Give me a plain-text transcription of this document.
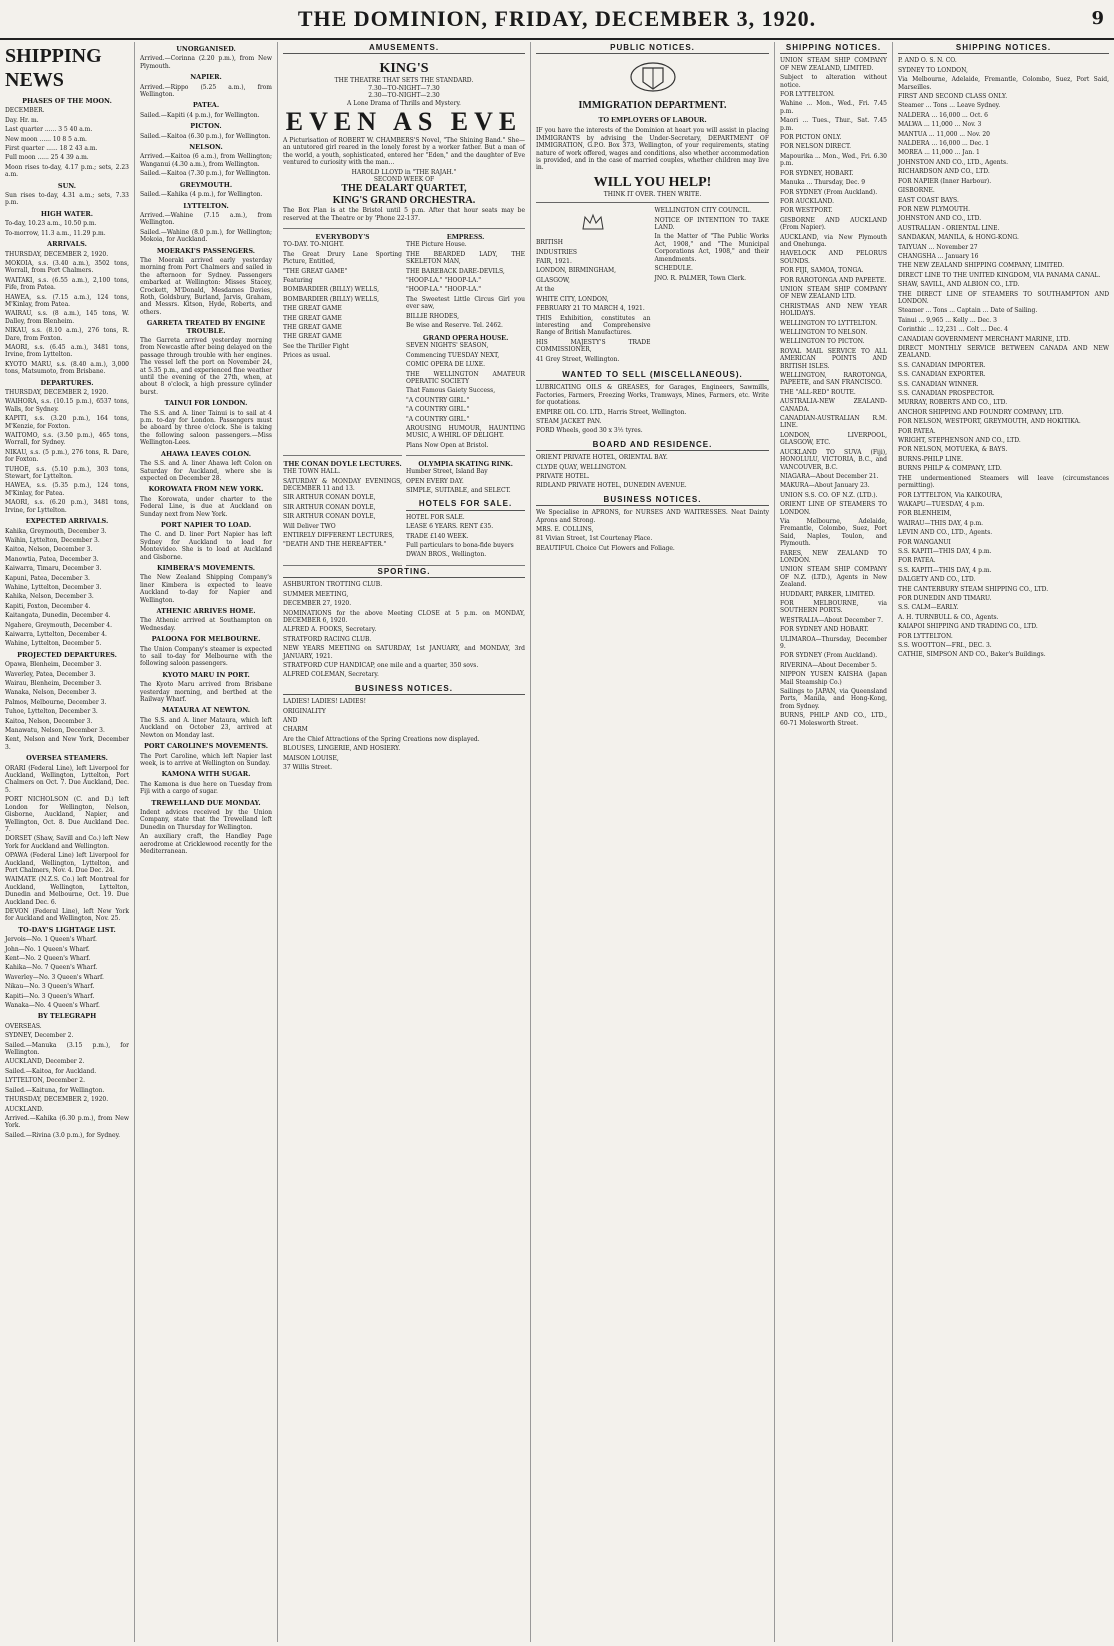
THE DOMINION, FRIDAY, DECEMBER 3, 1920.	9
SHIPPING NEWS
PHASES OF THE MOON.
DECEMBER.
Day. Hr. m.
Last quarter ...... 3 5 40 a.m.
New moon ...... 10 8 5 a.m.
First quarter ...... 18 2 43 a.m.
Full moon ...... 25 4 39 a.m.
Moon rises to-day, 4.17 p.m.; sets, 2.23 a.m.
SUN.
Sun rises to-day, 4.31 a.m.; sets, 7.33 p.m.
HIGH WATER.
To-day, 10.23 a.m., 10.50 p.m.
To-morrow, 11.3 a.m., 11.29 p.m.
ARRIVALS.
THURSDAY, DECEMBER 2, 1920.
MOKOIA, s.s. (3.40 a.m.), 3502 tons, Worrall, from Port Chalmers.
WAITAKI, s.s. (6.55 a.m.), 2,100 tons, Fife, from Patea.
HAWEA, s.s. (7.15 a.m.), 124 tons, M'Kinlay, from Patea.
WAIRAU, s.s. (8 a.m.), 145 tons, W. Dalley, from Blenheim.
NIKAU, s.s. (8.10 a.m.), 276 tons, R. Dare, from Foxton.
MAORI, s.s. (6.45 a.m.), 3481 tons, Irvine, from Lyttelton.
KYOTO MARU, s.s. (8.40 a.m.), 3,000 tons, Matsumoto, from Brisbane.
DEPARTURES.
THURSDAY, DECEMBER 2, 1920.
WAIHORA, s.s. (10.15 p.m.), 6537 tons, Walls, for Sydney.
KAPITI, s.s. (3.20 p.m.), 164 tons, M'Kenzie, for Foxton.
WAITOMO, s.s. (3.50 p.m.), 465 tons, Worrall, for Sydney.
NIKAU, s.s. (5 p.m.), 276 tons, R. Dare, for Foxton.
TUHOE, s.s. (5.10 p.m.), 303 tons, Stewart, for Lyttelton.
HAWEA, s.s. (5.35 p.m.), 124 tons, M'Kinlay, for Patea.
MAORI, s.s. (6.20 p.m.), 3481 tons, Irvine, for Lyttelton.
EXPECTED ARRIVALS.
Kahika, Greymouth, December 3.
Waihin, Lyttelton, December 3.
Kaitoa, Nelson, December 3.
Manowtia, Patea, December 3.
Kaiwarra, Timaru, December 3.
Kapuni, Patea, December 3.
Wahine, Lyttelton, December 3.
Kahika, Nelson, December 3.
Kapiti, Foxton, December 4.
Kaitangata, Dunedin, December 4.
Ngahere, Greymouth, December 4.
Kaiwarra, Lyttelton, December 4.
Wahine, Lyttelton, December 5.
PROJECTED DEPARTURES.
Opawa, Blenheim, December 3.
Waverley, Patea, December 3.
Wairau, Blenheim, December 3.
Wanaka, Nelson, December 3.
Palmos, Melbourne, December 3.
Tuhoe, Lyttelton, December 3.
Kaitoa, Nelson, December 3.
Manawatu, Nelson, December 3.
Kent, Nelson and New York, December 3.
OVERSEA STEAMERS.
ORARI (Federal Line), left Liverpool for Auckland, Wellington, Lyttelton, Port Chalmers on Oct. 7. Due Auckland, Dec. 5.
PORT NICHOLSON (C. and D.) left London for Wellington, Nelson, Gisborne, Auckland, Napier, and Wellington, Oct. 8. Due Auckland Dec. 7.
DORSET (Shaw, Savill and Co.) left New York for Auckland and Wellington.
OPAWA (Federal Line) left Liverpool for Auckland, Wellington, Lyttelton, and Port Chalmers, Nov. 4. Due Dec. 24.
WAIMATE (N.Z.S. Co.) left Montreal for Auckland, Wellington, Lyttelton, Dunedin and Melbourne, Oct. 19. Due Auckland Dec. 6.
DEVON (Federal Line), left New York for Auckland and Wellington, Nov. 25.
TO-DAY'S LIGHTAGE LIST.
Jervois—No. 1 Queen's Wharf.
John—No. 1 Queen's Wharf.
Kent—No. 2 Queen's Wharf.
Kahika—No. 7 Queen's Wharf.
Waverley—No. 3 Queen's Wharf.
Nikau—No. 3 Queen's Wharf.
Kapiti—No. 3 Queen's Wharf.
Wanaka—No. 4 Queen's Wharf.
BY TELEGRAPH
OVERSEAS.
SYDNEY, December 2.
Sailed.—Manuka (3.15 p.m.), for Wellington.
AUCKLAND, December 2.
Sailed.—Kaitoa, for Auckland.
LYTTELTON, December 2.
Sailed.—Kaituna, for Wellington.
THURSDAY, DECEMBER 2, 1920.
AUCKLAND.
Arrived.—Kahika (6.30 p.m.), from New York.
Sailed.—Rivina (3.0 p.m.), for Sydney.
UNORGANISED.
Arrived.—Corinna (2.20 p.m.), from New Plymouth.
NAPIER.
Arrived.—Rippo (5.25 a.m.), from Wellington.
PATEA.
Sailed.—Kapiti (4 p.m.), for Wellington.
PICTON.
Sailed.—Kaitoa (6.30 p.m.), for Wellington.
NELSON.
Arrived.—Kaitoa (6 a.m.), from Wellington; Wanganui (4.30 a.m.), from Wellington.
Sailed.—Kaitoa (7.30 p.m.), for Wellington.
GREYMOUTH.
Sailed.—Kahika (4 p.m.), for Wellington.
LYTTELTON.
Arrived.—Wahine (7.15 a.m.), from Wellington.
Sailed.—Wahine (8.0 p.m.), for Wellington; Mokoia, for Auckland.
MOERAKI'S PASSENGERS.
The Moeraki arrived early yesterday morning from Port Chalmers and sailed in the afternoon for Sydney. Passengers embarked at Wellington: Misses Stacey, Crockett, M'Donald, Mesdames Davies, Roth, Goldsbury, Burland, Jarvis, Graham, and Messrs. Kitson, Hyde, Roberts, and others.
GARRETA TREATED BY ENGINE TROUBLE.
The Garreta arrived yesterday morning from Newcastle after being delayed on the passage through trouble with her engines. The vessel left the port on November 24, at 5.35 p.m., and experienced fine weather until the evening of the 27th, when, at about 8 o'clock, a high pressure cylinder burst.
TAINUI FOR LONDON.
The S.S. and A. liner Tainui is to sail at 4 p.m. to-day for London. Passengers must be aboard by three o'clock. She is taking the following saloon passengers.—Miss Wellington-Lees.
AHAWA LEAVES COLON.
The S.S. and A. liner Ahawa left Colon on Saturday for Auckland, where she is expected on December 28.
KOROWATA FROM NEW YORK.
The Korowata, under charter to the Federal Line, is due at Auckland on Sunday next from New York.
PORT NAPIER TO LOAD.
The C. and D. liner Port Napier has left Sydney for Auckland to load for Montevideo. She is to load at Auckland and Gisborne.
KIMBERA'S MOVEMENTS.
The New Zealand Shipping Company's liner Kimbera is expected to leave Auckland to-day for Napier and Wellington.
ATHENIC ARRIVES HOME.
The Athenic arrived at Southampton on Wednesday.
PALOONA FOR MELBOURNE.
The Union Company's steamer is expected to sail to-day for Melbourne with the following saloon passengers.
KYOTO MARU IN PORT.
The Kyoto Maru arrived from Brisbane yesterday morning, and berthed at the Railway Wharf.
MATAURA AT NEWTON.
The S.S. and A. liner Mataura, which left Auckland on October 23, arrived at Newton on Monday last.
PORT CAROLINE'S MOVEMENTS.
The Port Caroline, which left Napier last week, is to arrive at Wellington on Sunday.
KAMONA WITH SUGAR.
The Kamona is due here on Tuesday from Fiji with a cargo of sugar.
TREWELLAND DUE MONDAY.
Indent advices received by the Union Company, state that the Trewelland left Dunedin on Thursday for Wellington.
An auxiliary craft, the Handley Page aerodrome at Cricklewood recently for the Mediterranean.
AMUSEMENTS.
KING'S
THE THEATRE THAT SETS THE STANDARD.
7.30—TO-NIGHT—7.30
2.30—TO-NIGHT—2.30
A Lone Drama of Thrills and Mystery.
EVEN AS EVE
A Picturisation of ROBERT W. CHAMBERS'S Novel, "The Shining Band." She—an untutored girl reared in the lonely forest by a worker father. But a man of the world, a youth, sophisticated, entered her "Eden," and the daughter of Eve ventured to curiosity with the man...
HAROLD LLOYD in "THE RAJAH."
SECOND WEEK OF
THE DEALART QUARTET,
KING'S GRAND ORCHESTRA.
The Box Plan is at the Bristol until 5 p.m. After that hour seats may be reserved at the Theatre or by 'Phone 22-137.
EVERYBODY'S
TO-DAY. TO-NIGHT.
The Great Drury Lane Sporting Picture, Entitled,
"THE GREAT GAME"
Featuring
BOMBARDIER (BILLY) WELLS,
BOMBARDIER (BILLY) WELLS,
THE GREAT GAME
THE GREAT GAME
THE GREAT GAME
THE GREAT GAME
See the Thriller Fight
Prices as usual.
EMPRESS.
THE Picture House.
THE BEARDED LADY, THE SKELETON MAN,
THE BAREBACK DARE-DEVILS,
"HOOP-LA." "HOOP-LA."
"HOOP-LA." "HOOP-LA."
The Sweetest Little Circus Girl you ever saw,
BILLIE RHODES,
Be wise and Reserve. Tel. 2462.
GRAND OPERA HOUSE.
SEVEN NIGHTS' SEASON,
Commencing TUESDAY NEXT,
COMIC OPERA DE LUXE.
THE WELLINGTON AMATEUR OPERATIC SOCIETY
That Famous Gaiety Success,
"A COUNTRY GIRL."
"A COUNTRY GIRL."
"A COUNTRY GIRL."
AROUSING HUMOUR, HAUNTING MUSIC, A WHIRL OF DELIGHT.
Plans Now Open at Bristol.
THE CONAN DOYLE LECTURES.
THE TOWN HALL.
SATURDAY & MONDAY EVENINGS, DECEMBER 11 and 13.
SIR ARTHUR CONAN DOYLE,
SIR ARTHUR CONAN DOYLE,
SIR ARTHUR CONAN DOYLE,
Will Deliver TWO
ENTIRELY DIFFERENT LECTURES,
"DEATH AND THE HEREAFTER."
OLYMPIA SKATING RINK.
Humber Street, Island Bay
OPEN EVERY DAY.
SIMPLE, SUITABLE, and SELECT.
HOTELS FOR SALE.
HOTEL FOR SALE.
LEASE 6 YEARS. RENT £35.
TRADE £140 WEEK.
Full particulars to bona-fide buyers
DWAN BROS., Wellington.
SPORTING.
ASHBURTON TROTTING CLUB.
SUMMER MEETING,
DECEMBER 27, 1920.
NOMINATIONS for the above Meeting CLOSE at 5 p.m. on MONDAY, DECEMBER 6, 1920.
ALFRED A. FOOKS, Secretary.
STRATFORD RACING CLUB.
NEW YEARS MEETING on SATURDAY, 1st JANUARY, and MONDAY, 3rd JANUARY, 1921.
STRATFORD CUP HANDICAP, one mile and a quarter, 350 sovs.
ALFRED COLEMAN, Secretary.
BUSINESS NOTICES.
LADIES! LADIES! LADIES!
ORIGINALITY
AND
CHARM
Are the Chief Attractions of the Spring Creations now displayed.
BLOUSES, LINGERIE, AND HOSIERY.
MAISON LOUISE,
37 Willis Street.
PUBLIC NOTICES.
IMMIGRATION DEPARTMENT.
TO EMPLOYERS OF LABOUR.
IF you have the interests of the Dominion at heart you will assist in placing IMMIGRANTS by advising the Under-Secretary, DEPARTMENT OF IMMIGRATION, G.P.O. Box 373, Wellington, of your requirements, stating nature of work offered, wages and conditions, also whether accommodation is provided, and in the case of married couples, whether children may live in.
WILL YOU HELP!
THINK IT OVER. THEN WRITE.
BRITISH
INDUSTRIES
FAIR, 1921.
LONDON, BIRMINGHAM,
GLASGOW,
At the
WHITE CITY, LONDON,
FEBRUARY 21 TO MARCH 4, 1921.
THIS Exhibition, constitutes an interesting and Comprehensive Range of British Manufactures.
HIS MAJESTY'S TRADE COMMISSIONER,
41 Grey Street, Wellington.
WELLINGTON CITY COUNCIL.
NOTICE OF INTENTION TO TAKE LAND.
In the Matter of "The Public Works Act, 1908," and "The Municipal Corporations Act, 1908," and their Amendments.
SCHEDULE.
JNO. R. PALMER, Town Clerk.
WANTED TO SELL (MISCELLANEOUS).
LUBRICATING OILS & GREASES, for Garages, Engineers, Sawmills, Factories, Farmers, Freezing Works, Tramways, Mines, Farmers, etc. Write for quotations.
EMPIRE OIL CO. LTD., Harris Street, Wellington.
STEAM JACKET PAN.
FORD Wheels, good 30 x 3½ tyres.
BOARD AND RESIDENCE.
ORIENT PRIVATE HOTEL, ORIENTAL BAY.
CLYDE QUAY, WELLINGTON.
PRIVATE HOTEL.
RIDLAND PRIVATE HOTEL, DUNEDIN AVENUE.
BUSINESS NOTICES.
We Specialise in APRONS, for NURSES AND WAITRESSES. Neat Dainty Aprons and Strong.
MRS. E. COLLINS,
81 Vivian Street, 1st Courtenay Place.
BEAUTIFUL Choice Cut Flowers and Foliage.
SHIPPING NOTICES.
UNION STEAM SHIP COMPANY OF NEW ZEALAND, LIMITED.
Subject to alteration without notice.
FOR LYTTELTON.
Wahine ... Mon., Wed., Fri. 7.45 p.m.
Maori ... Tues., Thur., Sat. 7.45 p.m.
FOR PICTON ONLY.
FOR NELSON DIRECT.
Mapourika ... Mon., Wed., Fri. 6.30 p.m.
FOR SYDNEY, HOBART.
Manuka ... Thursday, Dec. 9
FOR SYDNEY (From Auckland).
FOR AUCKLAND.
FOR WESTPORT.
GISBORNE AND AUCKLAND (From Napier).
AUCKLAND, via New Plymouth and Onehunga.
HAVELOCK AND PELORUS SOUNDS.
FOR FIJI, SAMOA, TONGA.
FOR RAROTONGA AND PAPEETE.
UNION STEAM SHIP COMPANY OF NEW ZEALAND LTD.
CHRISTMAS AND NEW YEAR HOLIDAYS.
WELLINGTON TO LYTTELTON.
WELLINGTON TO NELSON.
WELLINGTON TO PICTON.
ROYAL MAIL SERVICE TO ALL AMERICAN POINTS AND BRITISH ISLES.
WELLINGTON, RAROTONGA, PAPEETE, and SAN FRANCISCO.
THE "ALL-RED" ROUTE.
AUSTRALIA-NEW ZEALAND-CANADA.
CANADIAN-AUSTRALIAN R.M. LINE.
LONDON, LIVERPOOL, GLASGOW, ETC.
AUCKLAND TO SUVA (Fiji), HONOLULU, VICTORIA, B.C., and VANCOUVER, B.C.
NIAGARA—About December 21.
MAKURA—About January 23.
UNION S.S. CO. OF N.Z. (LTD.).
ORIENT LINE OF STEAMERS TO LONDON.
Via Melbourne, Adelaide, Fremantle, Colombo, Suez, Port Said, Naples, Toulon, and Plymouth.
FARES, NEW ZEALAND TO LONDON.
UNION STEAM SHIP COMPANY OF N.Z. (LTD.), Agents in New Zealand.
HUDDART, PARKER, LIMITED.
FOR MELBOURNE, via SOUTHERN PORTS.
WESTRALIA—About December 7.
FOR SYDNEY AND HOBART.
ULIMAROA—Thursday, December 9.
FOR SYDNEY (From Auckland).
RIVERINA—About December 5.
NIPPON YUSEN KAISHA (Japan Mail Steamship Co.)
Sailings to JAPAN, via Queensland Ports, Manila, and Hong-Kong, from Sydney.
BURNS, PHILP AND CO., LTD., 60-71 Molesworth Street.
SHIPPING NOTICES.
P. AND O. S. N. CO.
SYDNEY TO LONDON,
Via Melbourne, Adelaide, Fremantle, Colombo, Suez, Port Said, Marseilles.
FIRST AND SECOND CLASS ONLY.
Steamer ... Tons ... Leave Sydney.
NALDERA ... 16,000 ... Oct. 6
MALWA ... 11,000 ... Nov. 3
MANTUA ... 11,000 ... Nov. 20
NALDERA ... 16,000 ... Dec. 1
MOREA ... 11,000 ... Jan. 1
JOHNSTON AND CO., LTD., Agents.
RICHARDSON AND CO., LTD.
FOR NAPIER (Inner Harbour).
GISBORNE.
EAST COAST BAYS.
FOR NEW PLYMOUTH.
JOHNSTON AND CO., LTD.
AUSTRALIAN - ORIENTAL LINE.
SANDAKAN, MANILA, & HONG-KONG.
TAIYUAN ... November 27
CHANGSHA ... January 16
THE NEW ZEALAND SHIPPING COMPANY, LIMITED.
DIRECT LINE TO THE UNITED KINGDOM, VIA PANAMA CANAL.
SHAW, SAVILL, AND ALBION CO., LTD.
THE DIRECT LINE OF STEAMERS TO SOUTHAMPTON AND LONDON.
Steamer ... Tons ... Captain ... Date of Sailing.
Tainui ... 9,965 ... Kelly ... Dec. 3
Corinthic ... 12,231 ... Colt ... Dec. 4
CANADIAN GOVERNMENT MERCHANT MARINE, LTD.
DIRECT MONTHLY SERVICE BETWEEN CANADA AND NEW ZEALAND.
S.S. CANADIAN IMPORTER.
S.S. CANADIAN EXPORTER.
S.S. CANADIAN WINNER.
S.S. CANADIAN PROSPECTOR.
MURRAY, ROBERTS AND CO., LTD.
ANCHOR SHIPPING AND FOUNDRY COMPANY, LTD.
FOR NELSON, WESTPORT, GREYMOUTH, AND HOKITIKA.
FOR PATEA.
WRIGHT, STEPHENSON AND CO., LTD.
FOR NELSON, MOTUEKA, & BAYS.
BURNS-PHILP LINE.
BURNS PHILP & COMPANY, LTD.
THE undermentioned Steamers will leave (circumstances permitting).
FOR LYTTELTON, Via KAIKOURA,
WAKAPU—TUESDAY, 4 p.m.
FOR BLENHEIM,
WAIRAU—THIS DAY, 4 p.m.
LEVIN AND CO., LTD., Agents.
FOR WANGANUI
S.S. KAPITI—THIS DAY, 4 p.m.
FOR PATEA.
S.S. KAPITI—THIS DAY, 4 p.m.
DALGETY AND CO., LTD.
THE CANTERBURY STEAM SHIPPING CO., LTD.
FOR DUNEDIN AND TIMARU.
S.S. CALM—EARLY.
A. H. TURNBULL & CO., Agents.
KAIAPOI SHIPPING AND TRADING CO., LTD.
FOR LYTTELTON.
S.S. WOOTTON—FRI., DEC. 3.
CATHIE, SIMPSON AND CO., Baker's Buildings.
